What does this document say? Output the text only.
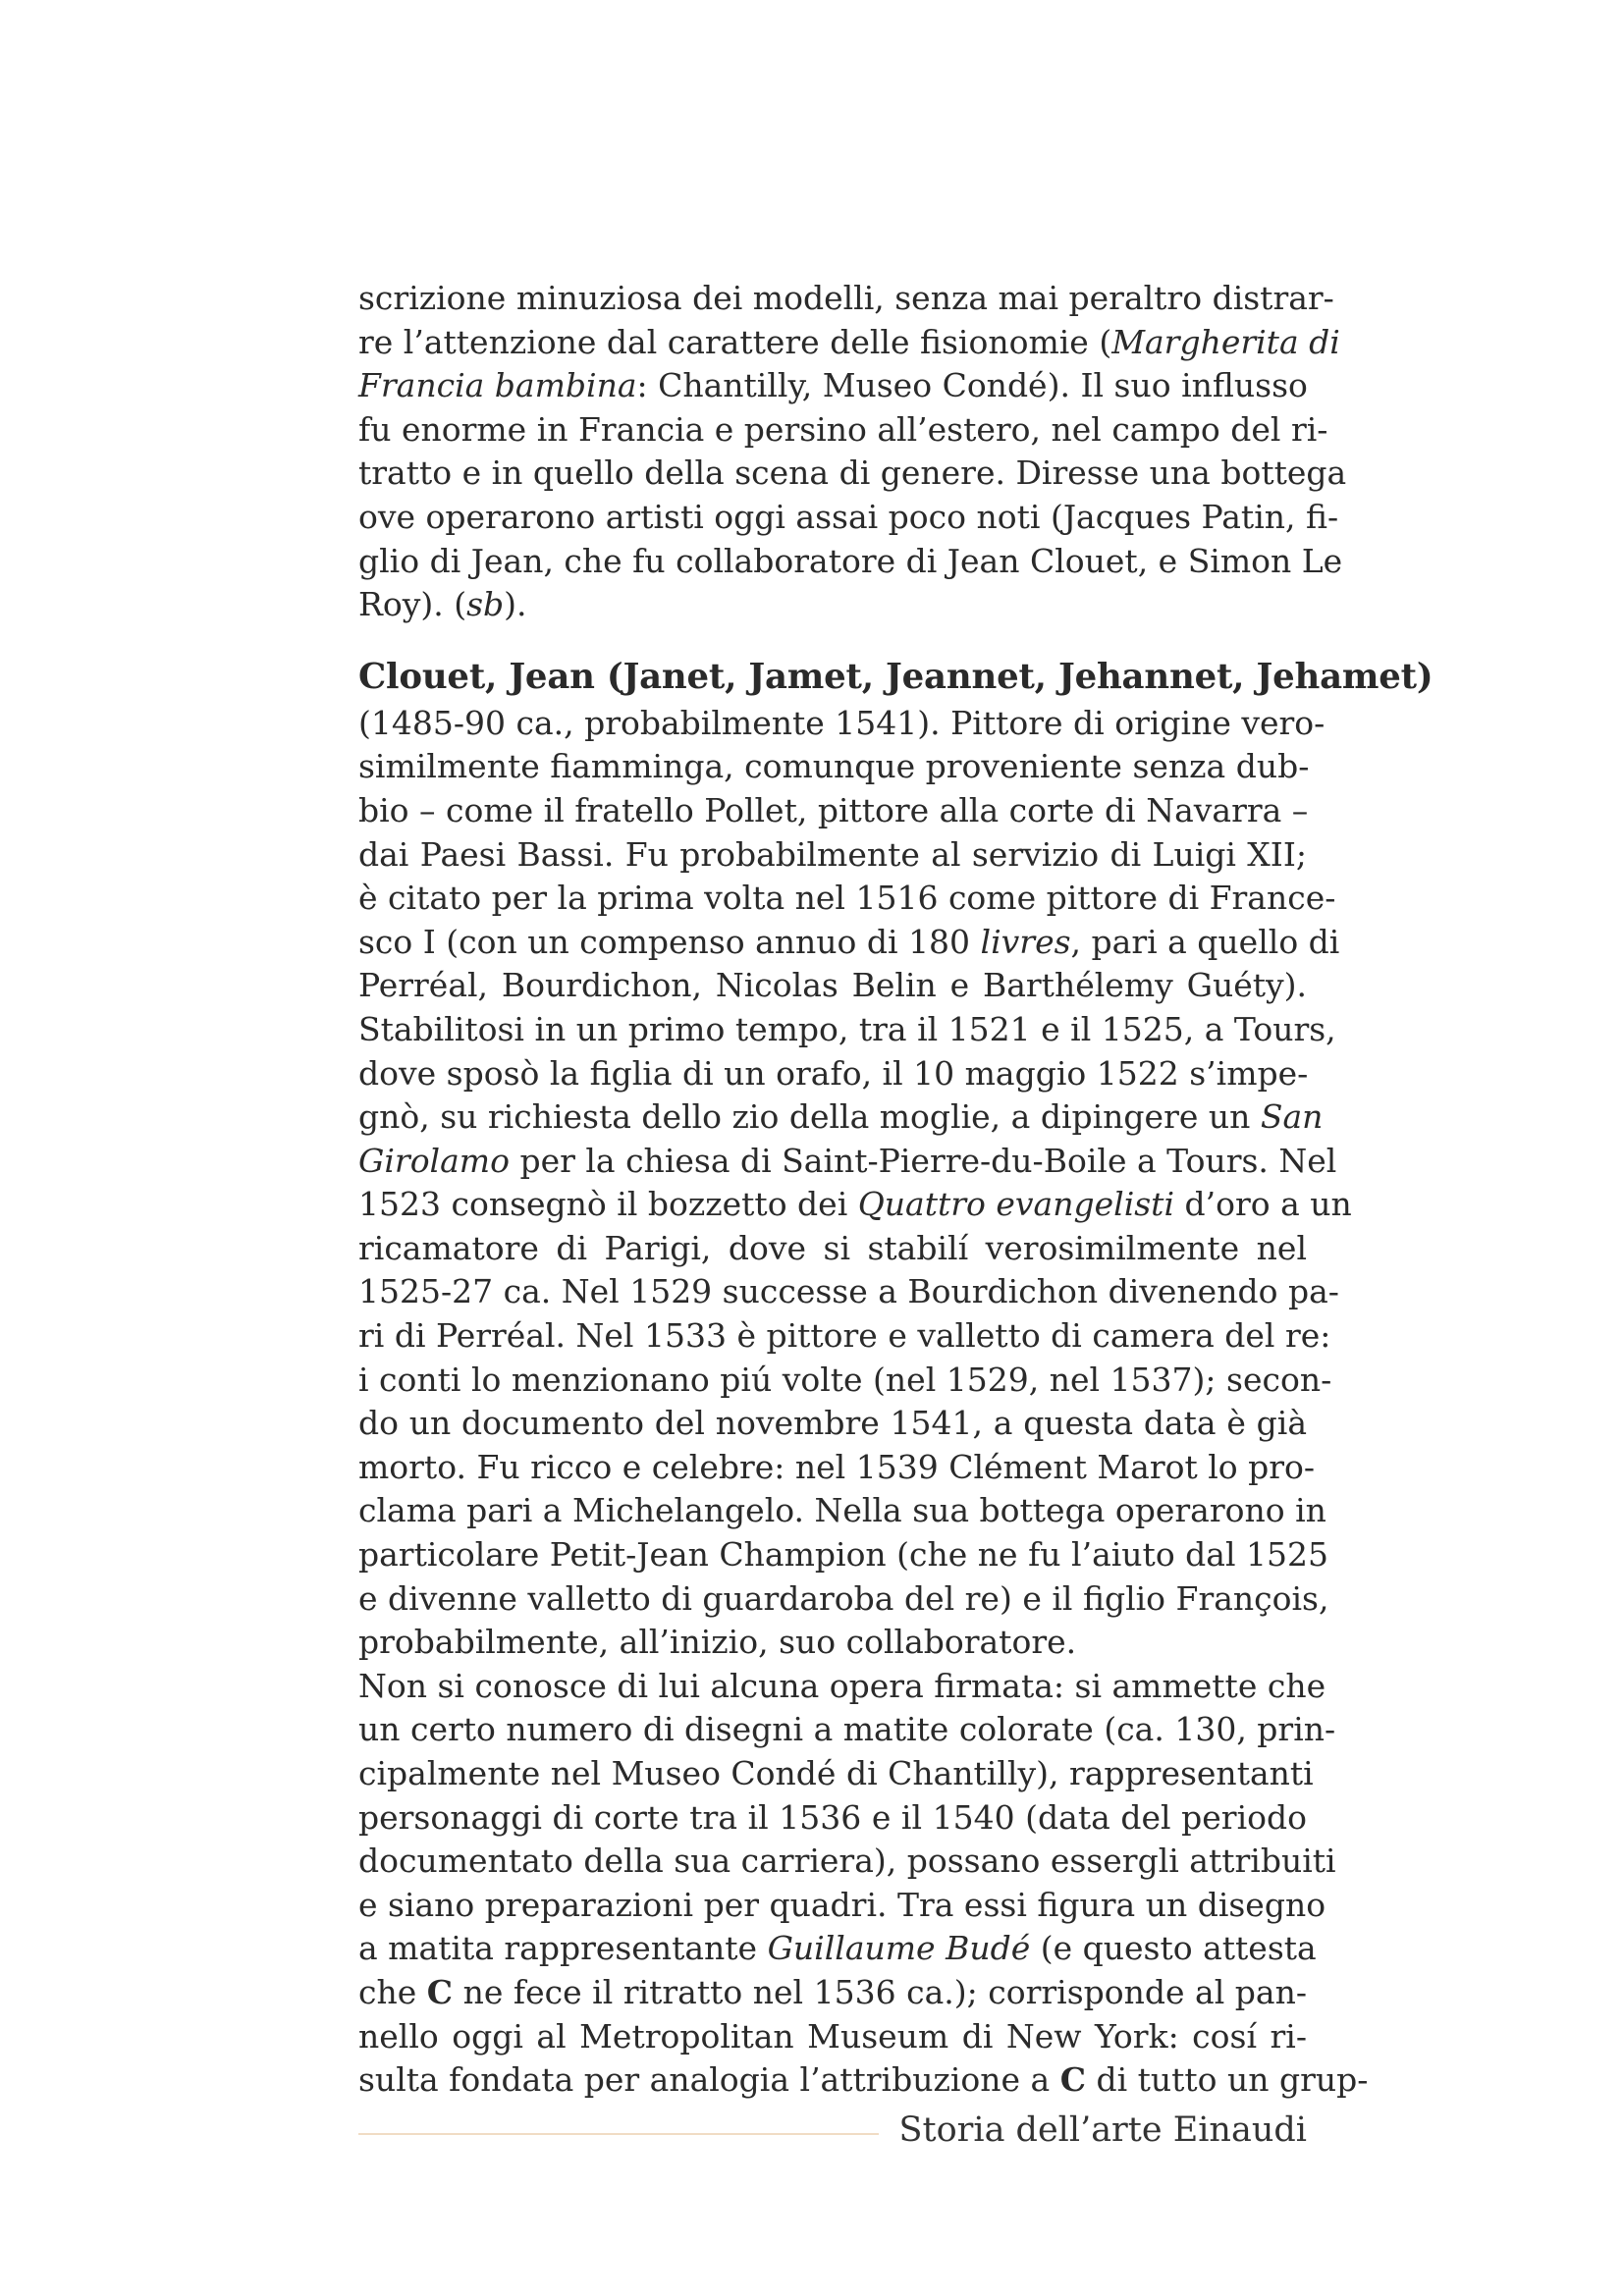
scrizione minuziosa dei modelli, senza mai peraltro distrar-
re l’attenzione dal carattere delle fisionomie (Margherita di
Francia bambina: Chantilly, Museo Condé). Il suo influsso
fu enorme in Francia e persino all’estero, nel campo del ri-
tratto e in quello della scena di genere. Diresse una bottega
ove operarono artisti oggi assai poco noti (Jacques Patin, fi-
glio di Jean, che fu collaboratore di Jean Clouet, e Simon Le
Roy). (sb).

Clouet, Jean (Janet, Jamet, Jeannet, Jehannet, Jehamet)

(1485-90 ca., probabilmente 1541). Pittore di origine vero-
similmente fiamminga, comunque proveniente senza dub-
bio – come il fratello Pollet, pittore alla corte di Navarra –
dai Paesi Bassi. Fu probabilmente al servizio di Luigi XII;
è citato per la prima volta nel 1516 come pittore di France-
sco I (con un compenso annuo di 180 livres, pari a quello di
Perréal, Bourdichon, Nicolas Belin e Barthélemy Guéty).
Stabilitosi in un primo tempo, tra il 1521 e il 1525, a Tours,
dove sposò la figlia di un orafo, il 10 maggio 1522 s’impe-
gnò, su richiesta dello zio della moglie, a dipingere un San
Girolamo per la chiesa di Saint-Pierre-du-Boile a Tours. Nel
1523 consegnò il bozzetto dei Quattro evangelisti d’oro a un
ricamatore di Parigi, dove si stabilí verosimilmente nel
1525-27 ca. Nel 1529 successe a Bourdichon divenendo pa-
ri di Perréal. Nel 1533 è pittore e valletto di camera del re:
i conti lo menzionano piú volte (nel 1529, nel 1537); secon-
do un documento del novembre 1541, a questa data è già
morto. Fu ricco e celebre: nel 1539 Clément Marot lo pro-
clama pari a Michelangelo. Nella sua bottega operarono in
particolare Petit-Jean Champion (che ne fu l’aiuto dal 1525
e divenne valletto di guardaroba del re) e il figlio François,
probabilmente, all’inizio, suo collaboratore.

Non si conosce di lui alcuna opera firmata: si ammette che
un certo numero di disegni a matite colorate (ca. 130, prin-
cipalmente nel Museo Condé di Chantilly), rappresentanti
personaggi di corte tra il 1536 e il 1540 (data del periodo
documentato della sua carriera), possano essergli attribuiti
e siano preparazioni per quadri. Tra essi figura un disegno
a matita rappresentante Guillaume Budé (e questo attesta
che C ne fece il ritratto nel 1536 ca.); corrisponde al pan-
nello oggi al Metropolitan Museum di New York: cosí ri-
sulta fondata per analogia l’attribuzione a C di tutto un grup-

Storia dell’arte Einaudi
